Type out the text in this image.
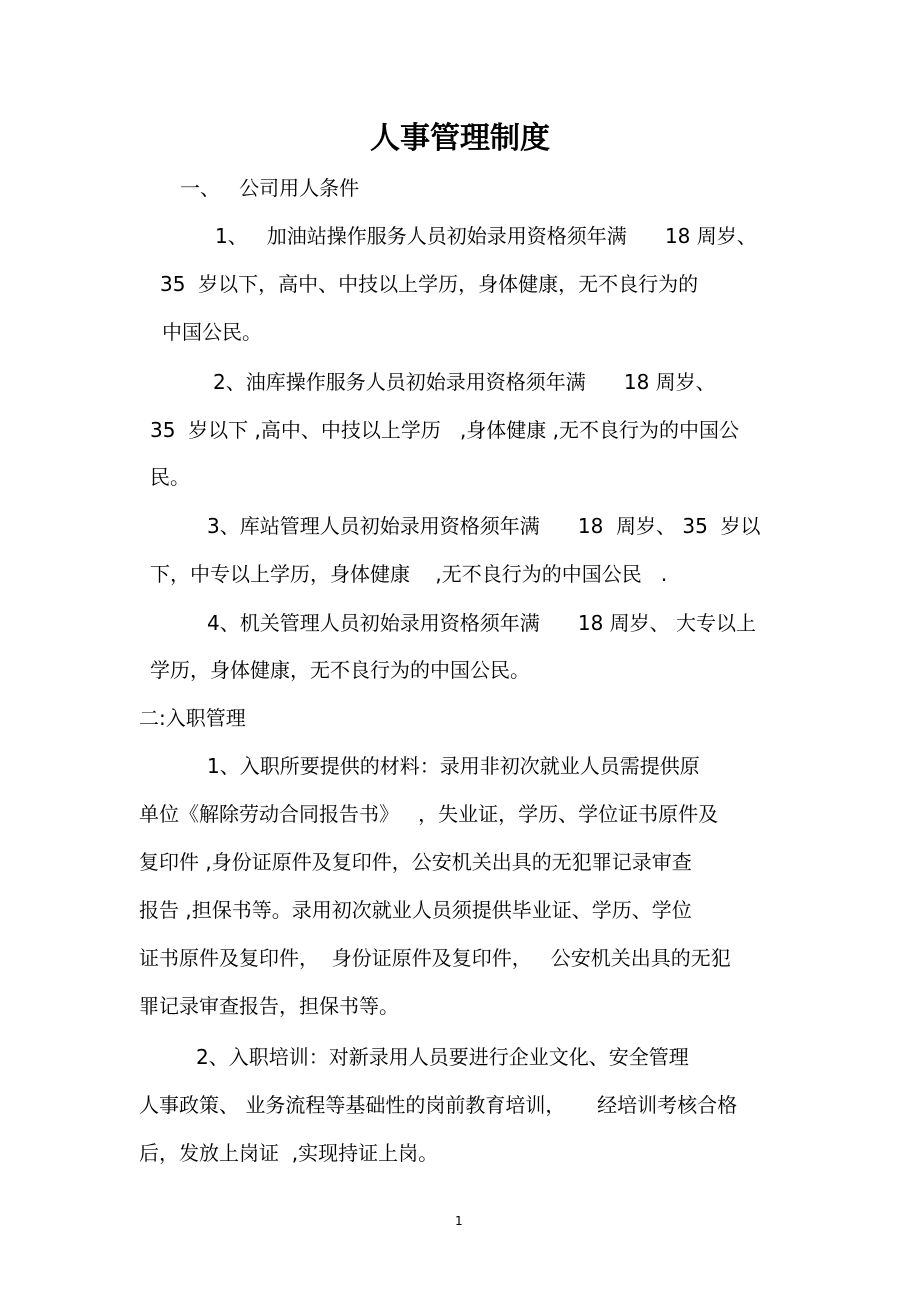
人事管理制度

一、   公司用人条件

1、   加油站操作服务人员初始录用资格须年满      18 周岁、

35  岁以下，高中、中技以上学历，身体健康，无不良行为的

中国公民。

2、油库操作服务人员初始录用资格须年满      18 周岁、

35  岁以下 ,高中、中技以上学历   ,身体健康 ,无不良行为的中国公

民。

3、库站管理人员初始录用资格须年满      18  周岁、 35  岁以

下，中专以上学历，身体健康    ,无不良行为的中国公民   .

4、机关管理人员初始录用资格须年满      18 周岁、 大专以上

学历，身体健康，无不良行为的中国公民。

二:入职管理

1、入职所要提供的材料：录用非初次就业人员需提供原

单位《解除劳动合同报告书》   ，失业证，学历、学位证书原件及

复印件 ,身份证原件及复印件，公安机关出具的无犯罪记录审查

报告 ,担保书等。录用初次就业人员须提供毕业证、学历、学位

证书原件及复印件，  身份证原件及复印件，   公安机关出具的无犯

罪记录审查报告，担保书等。

2、入职培训：对新录用人员要进行企业文化、安全管理

人事政策、 业务流程等基础性的岗前教育培训，     经培训考核合格

后，发放上岗证  ,实现持证上岗。

1
